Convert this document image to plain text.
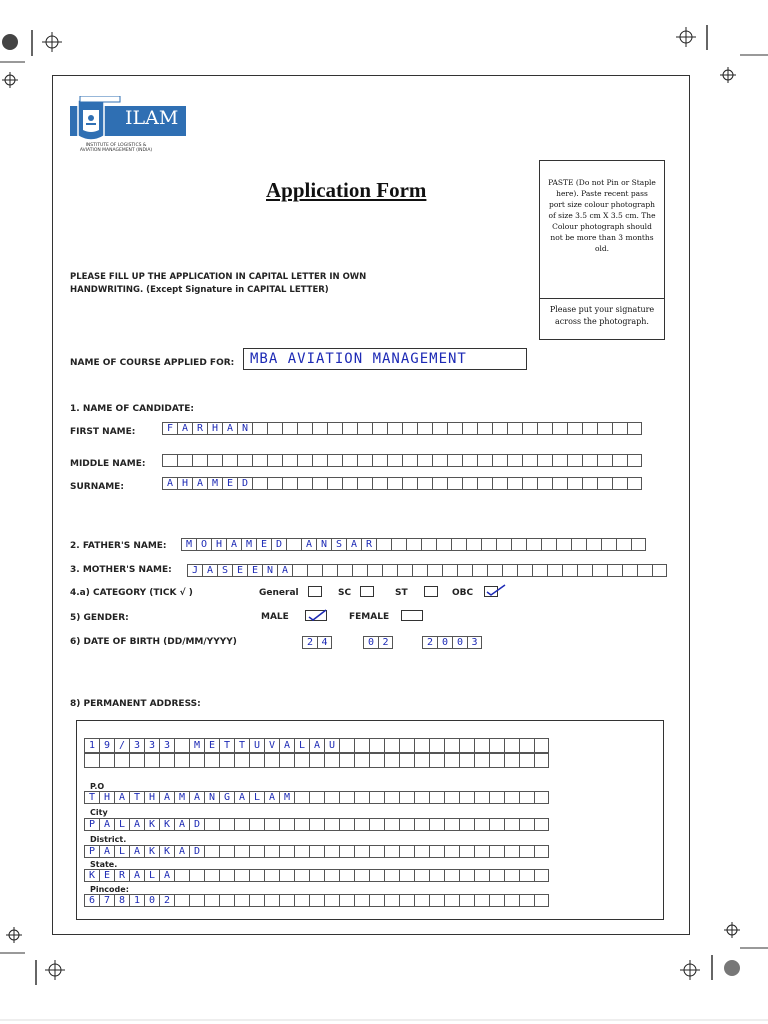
ILAM
INSTITUTE OF LOGISTICS & AVIATION MANAGEMENT (INDIA)
Application Form
PLEASE FILL UP THE APPLICATION IN CAPITAL LETTER IN OWN HANDWRITING. (Except Signature in CAPITAL LETTER)
PASTE (Do not Pin or Staple here). Paste recent pass port size colour photograph of size 3.5 cm X 3.5 cm. The Colour photograph should not be more than 3 months old.
Please put your signature across the photograph.
NAME OF COURSE APPLIED FOR: MBA AVIATION MANAGEMENT
1. NAME OF CANDIDATE:
FIRST NAME:	F A R H A N
MIDDLE NAME:
SURNAME:	A H A M E D
2. FATHER'S NAME:	M O H A M E D	A N S A R
3. MOTHER'S NAME:	J A S E E N A
4.a) CATEGORY (TICK √ )	General	SC	ST	OBC
5) GENDER:	MALE	FEMALE
6) DATE OF BIRTH (DD/MM/YYYY)	2 4	0 2	2 0 0 3
8) PERMANENT ADDRESS:
1 9 / 3 3 3	M E T T U V A L A U
P.O
T H A T H A M A N G A L A M
City
P A L A K K A D
District.
P A L A K K A D
State.
K E R A L A
Pincode:
6 7 8 1 0 2
